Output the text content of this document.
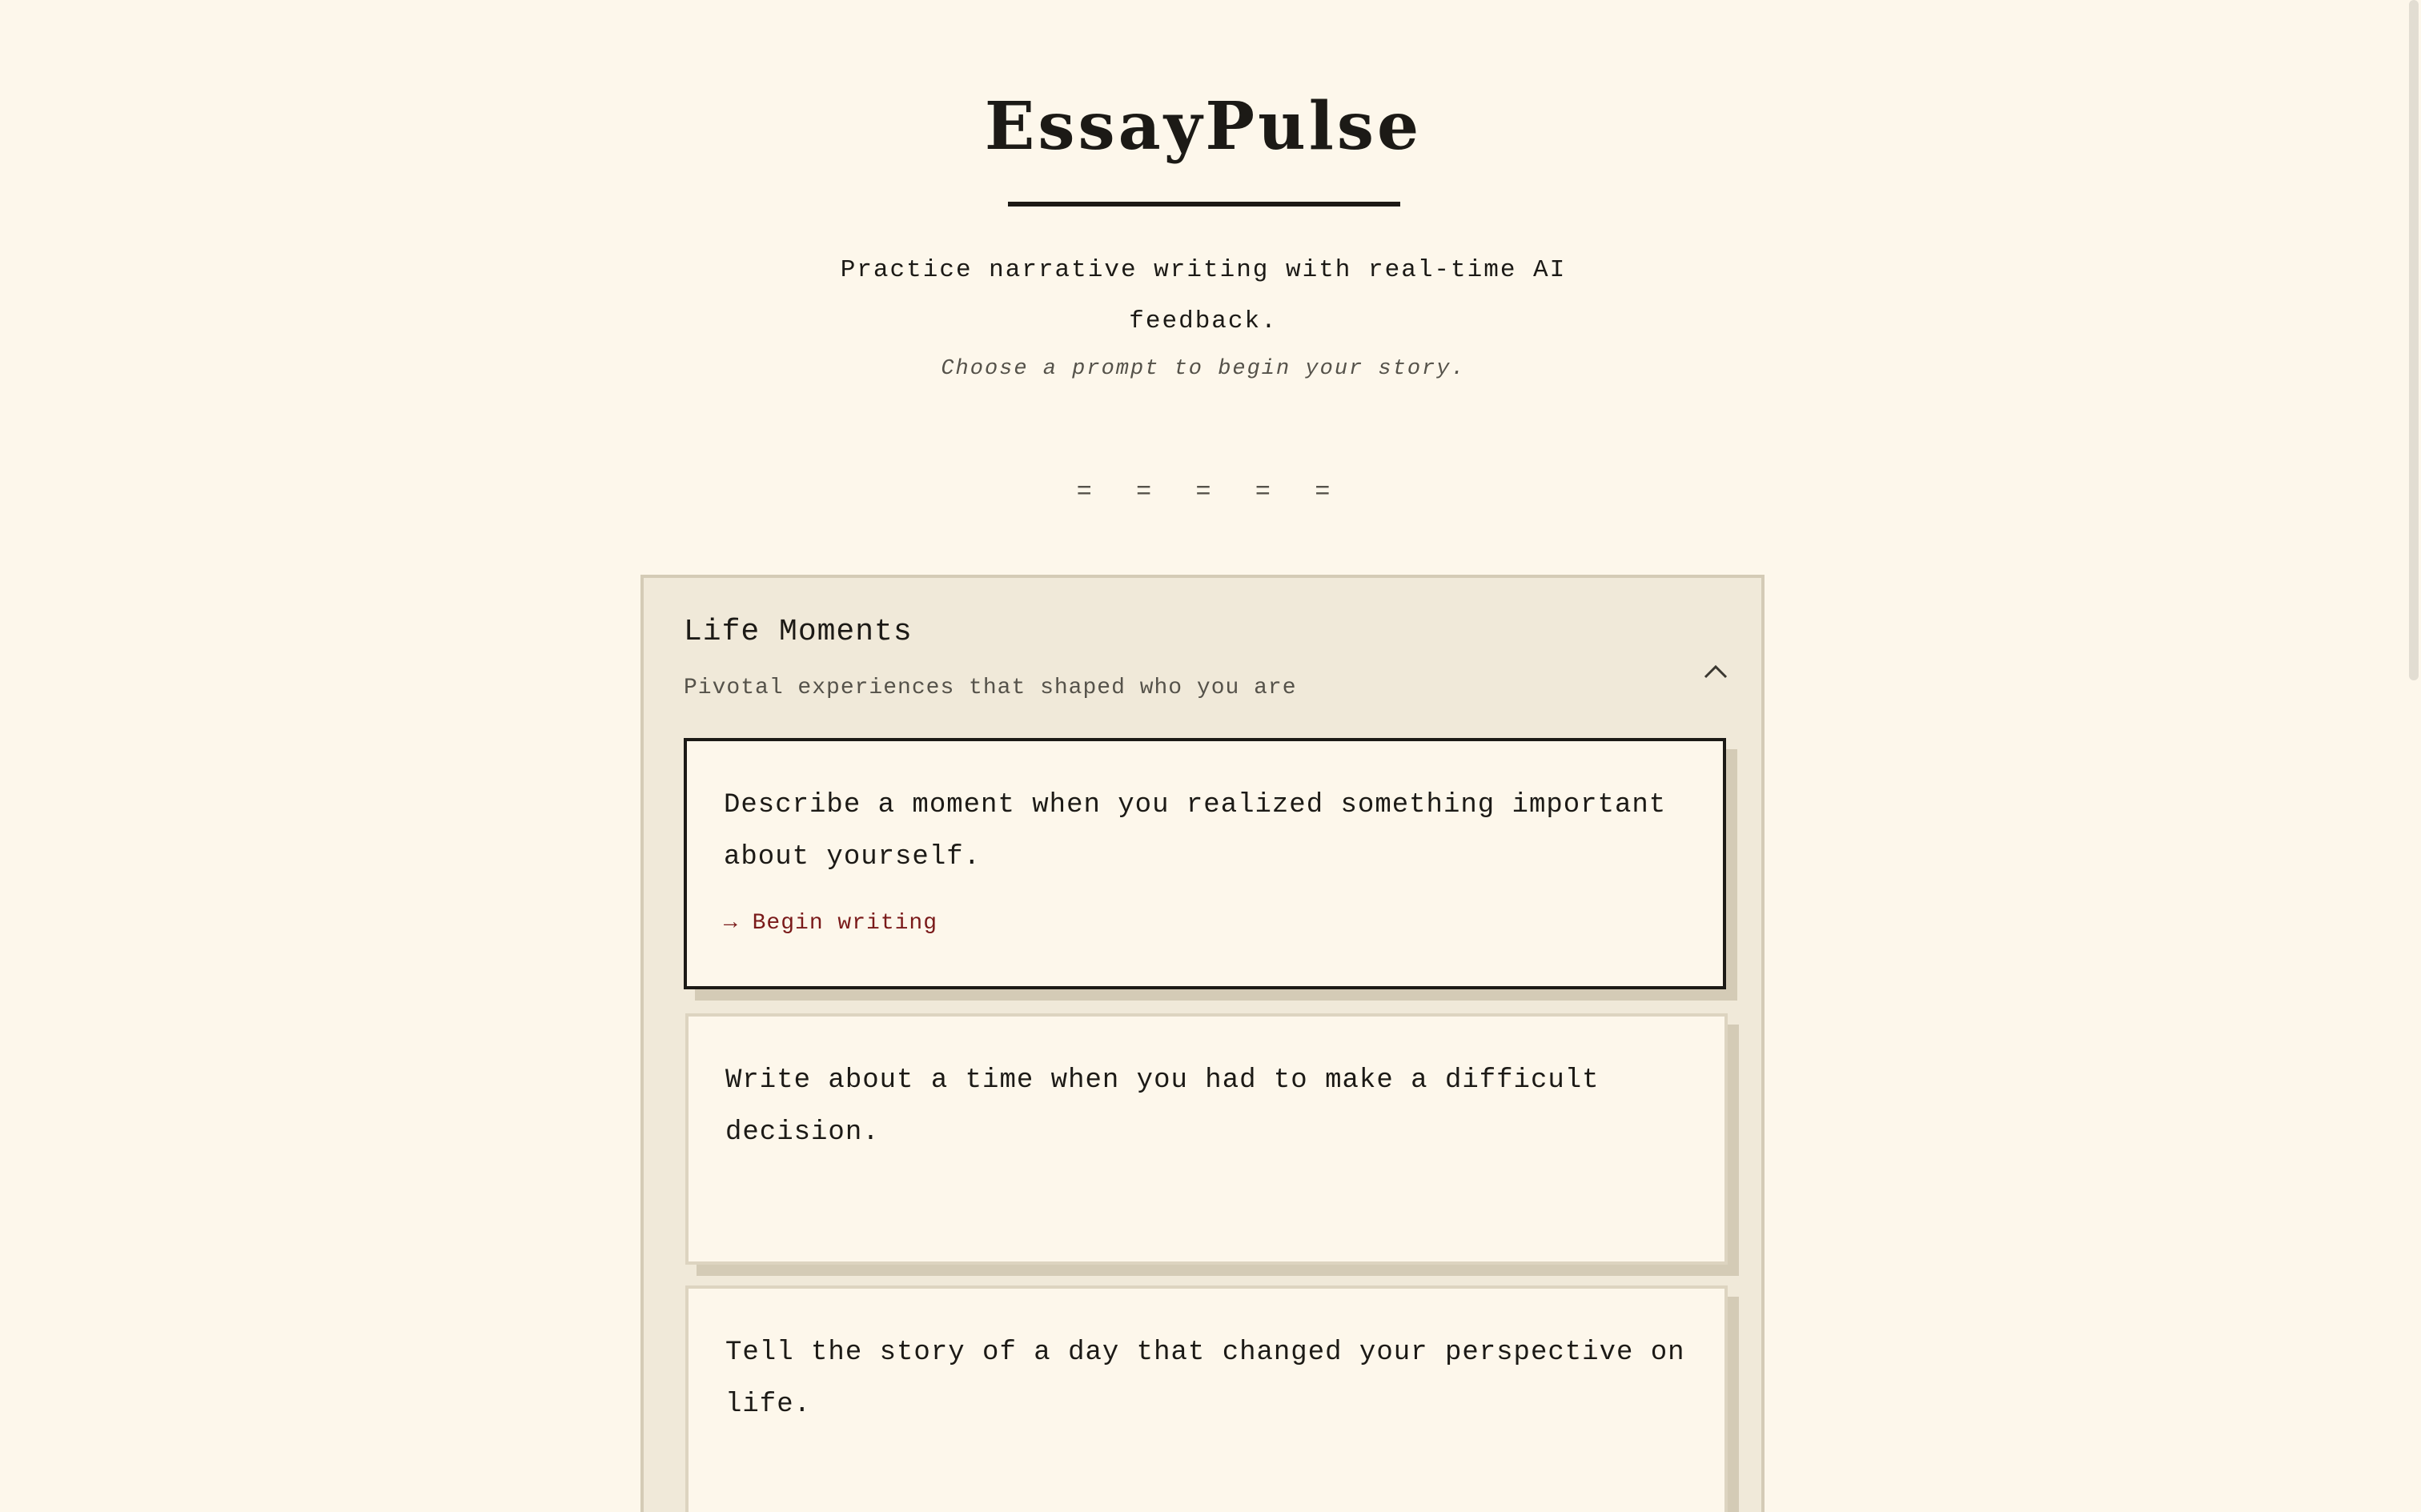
EssayPulse
Practice narrative writing with real-time AI feedback.
Choose a prompt to begin your story.
= = = = =
Life Moments
Pivotal experiences that shaped who you are
Describe a moment when you realized something important about yourself.
→ Begin writing
Write about a time when you had to make a difficult decision.
Tell the story of a day that changed your perspective on life.
